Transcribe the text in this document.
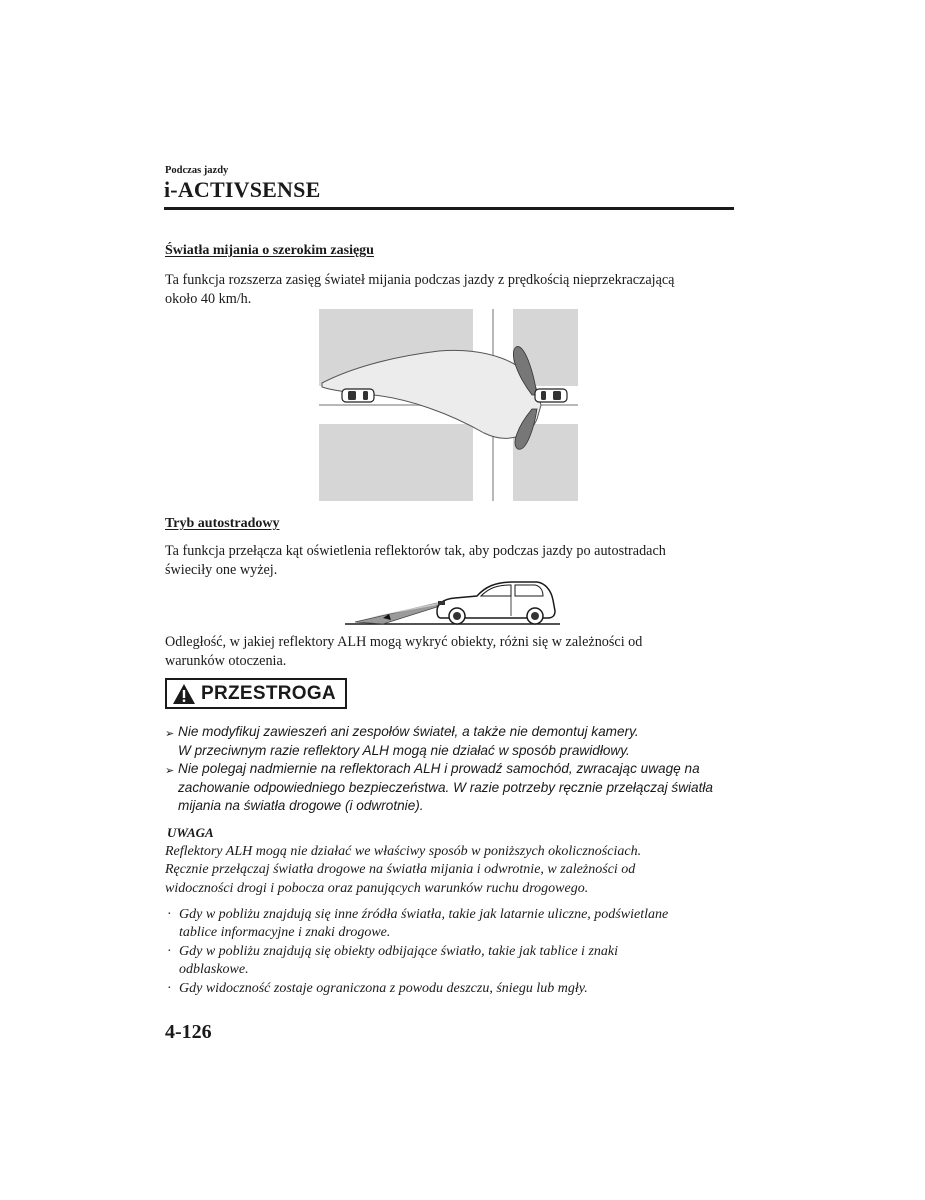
Podczas jazdy
i-ACTIVSENSE
Światła mijania o szerokim zasięgu
Ta funkcja rozszerza zasięg świateł mijania podczas jazdy z prędkością nieprzekraczającą
około 40 km/h.
Tryb autostradowy
Ta funkcja przełącza kąt oświetlenia reflektorów tak, aby podczas jazdy po autostradach
świeciły one wyżej.
Odległość, w jakiej reflektory ALH mogą wykryć obiekty, różni się w zależności od
warunków otoczenia.
PRZESTROGA
➢ Nie modyfikuj zawieszeń ani zespołów świateł, a także nie demontuj kamery.
W przeciwnym razie reflektory ALH mogą nie działać w sposób prawidłowy.
➢ Nie polegaj nadmiernie na reflektorach ALH i prowadź samochód, zwracając uwagę na
zachowanie odpowiedniego bezpieczeństwa. W razie potrzeby ręcznie przełączaj światła
mijania na światła drogowe (i odwrotnie).
UWAGA
Reflektory ALH mogą nie działać we właściwy sposób w poniższych okolicznościach.
Ręcznie przełączaj światła drogowe na światła mijania i odwrotnie, w zależności od
widoczności drogi i pobocza oraz panujących warunków ruchu drogowego.
· Gdy w pobliżu znajdują się inne źródła światła, takie jak latarnie uliczne, podświetlane
tablice informacyjne i znaki drogowe.
· Gdy w pobliżu znajdują się obiekty odbijające światło, takie jak tablice i znaki
odblaskowe.
· Gdy widoczność zostaje ograniczona z powodu deszczu, śniegu lub mgły.
4-126
